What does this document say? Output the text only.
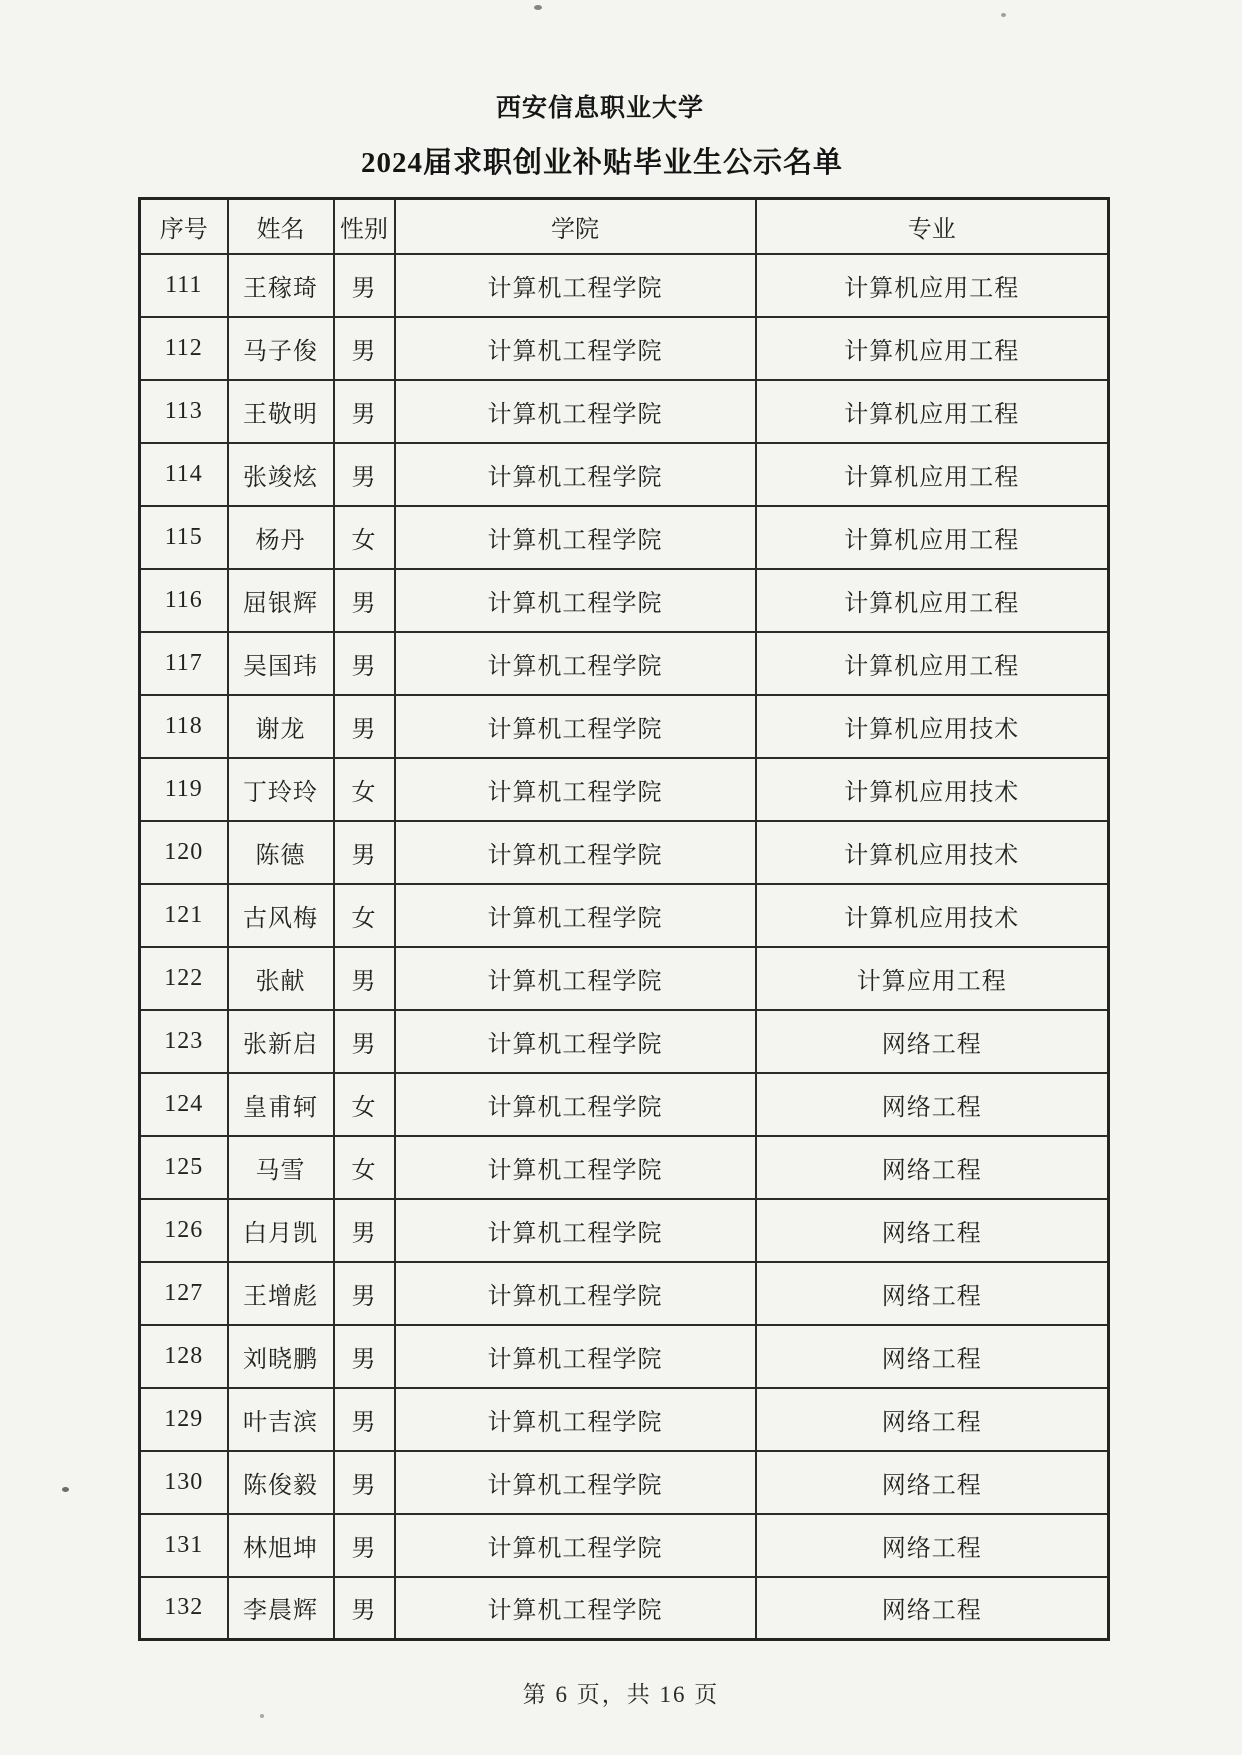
西安信息职业大学
2024届求职创业补贴毕业生公示名单
序号	姓名	性别	学院	专业
111	王稼琦	男	计算机工程学院	计算机应用工程
112	马子俊	男	计算机工程学院	计算机应用工程
113	王敬明	男	计算机工程学院	计算机应用工程
114	张竣炫	男	计算机工程学院	计算机应用工程
115	杨丹	女	计算机工程学院	计算机应用工程
116	屈银辉	男	计算机工程学院	计算机应用工程
117	吴国玮	男	计算机工程学院	计算机应用工程
118	谢龙	男	计算机工程学院	计算机应用技术
119	丁玲玲	女	计算机工程学院	计算机应用技术
120	陈德	男	计算机工程学院	计算机应用技术
121	古风梅	女	计算机工程学院	计算机应用技术
122	张献	男	计算机工程学院	计算应用工程
123	张新启	男	计算机工程学院	网络工程
124	皇甫轲	女	计算机工程学院	网络工程
125	马雪	女	计算机工程学院	网络工程
126	白月凯	男	计算机工程学院	网络工程
127	王增彪	男	计算机工程学院	网络工程
128	刘晓鹏	男	计算机工程学院	网络工程
129	叶吉滨	男	计算机工程学院	网络工程
130	陈俊毅	男	计算机工程学院	网络工程
131	林旭坤	男	计算机工程学院	网络工程
132	李晨辉	男	计算机工程学院	网络工程
第 6 页，共 16 页
